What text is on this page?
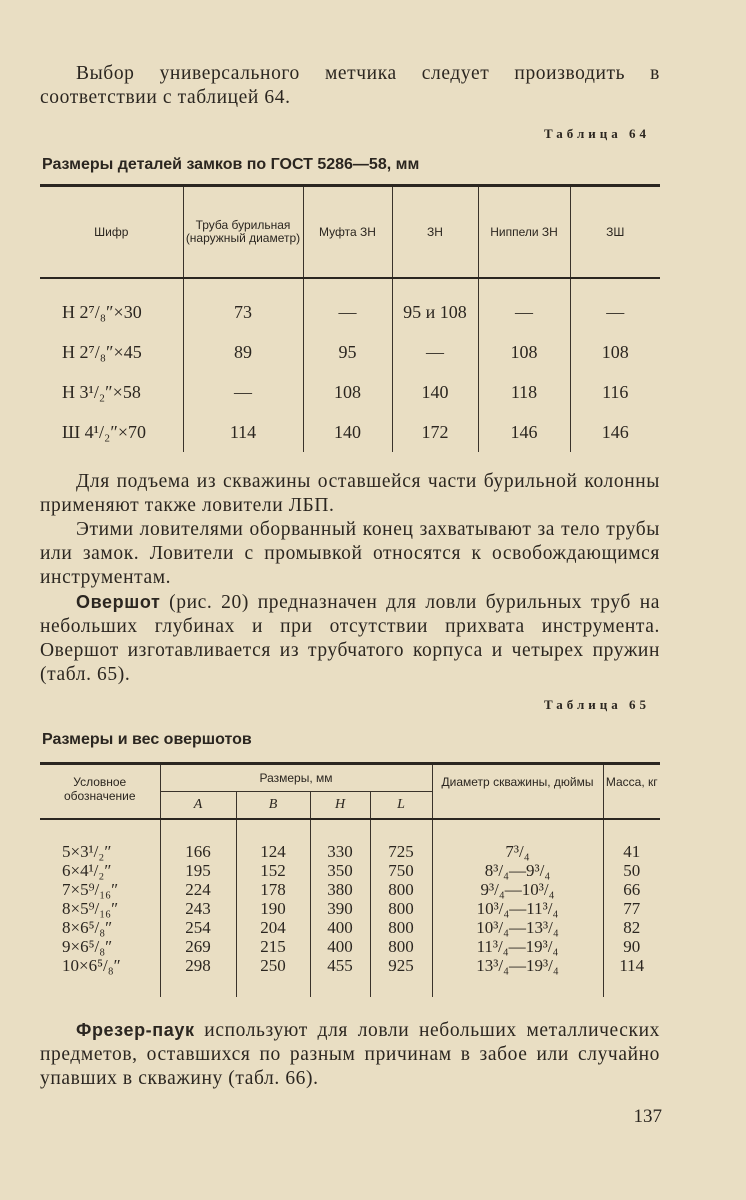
Выбор универсального метчика следует производить в соответствии с таблицей 64.

Таблица 64
Размеры деталей замков по ГОСТ 5286—58, мм
Шифр	Труба бурильная (наружный диаметр)	Муфта ЗН	ЗН	Ниппели ЗН	ЗШ
Н 2⁷/₈″×30	73	—	95 и 108	—	—
Н 2⁷/₈″×45	89	95	—	108	108
Н 3¹/₂″×58	—	108	140	118	116
Ш 4¹/₂″×70	114	140	172	146	146

Для подъема из скважины оставшейся части бурильной колонны применяют также ловители ЛБП.

Этими ловителями оборванный конец захватывают за тело трубы или замок. Ловители с промывкой относятся к освобождающимся инструментам.

Овершот (рис. 20) предназначен для ловли бурильных труб на небольших глубинах и при отсутствии прихвата инструмента. Овершот изготавливается из трубчатого корпуса и четырех пружин (табл. 65).

Таблица 65
Размеры и вес овершотов
Условное обозначение	Размеры, мм				Диаметр скважины, дюймы	Масса, кг
	A	B	H	L		
5×3¹/₂″	166	124	330	725	7³/₄	41
6×4¹/₂″	195	152	350	750	8³/₄—9³/₄	50
7×5⁹/₁₆″	224	178	380	800	9³/₄—10³/₄	66
8×5⁹/₁₆″	243	190	390	800	10³/₄—11³/₄	77
8×6⁵/₈″	254	204	400	800	10³/₄—13³/₄	82
9×6⁵/₈″	269	215	400	800	11³/₄—19³/₄	90
10×6⁵/₈″	298	250	455	925	13³/₄—19³/₄	114

Фрезер-паук используют для ловли небольших металлических предметов, оставшихся по разным причинам в забое или случайно упавших в скважину (табл. 66).

137
